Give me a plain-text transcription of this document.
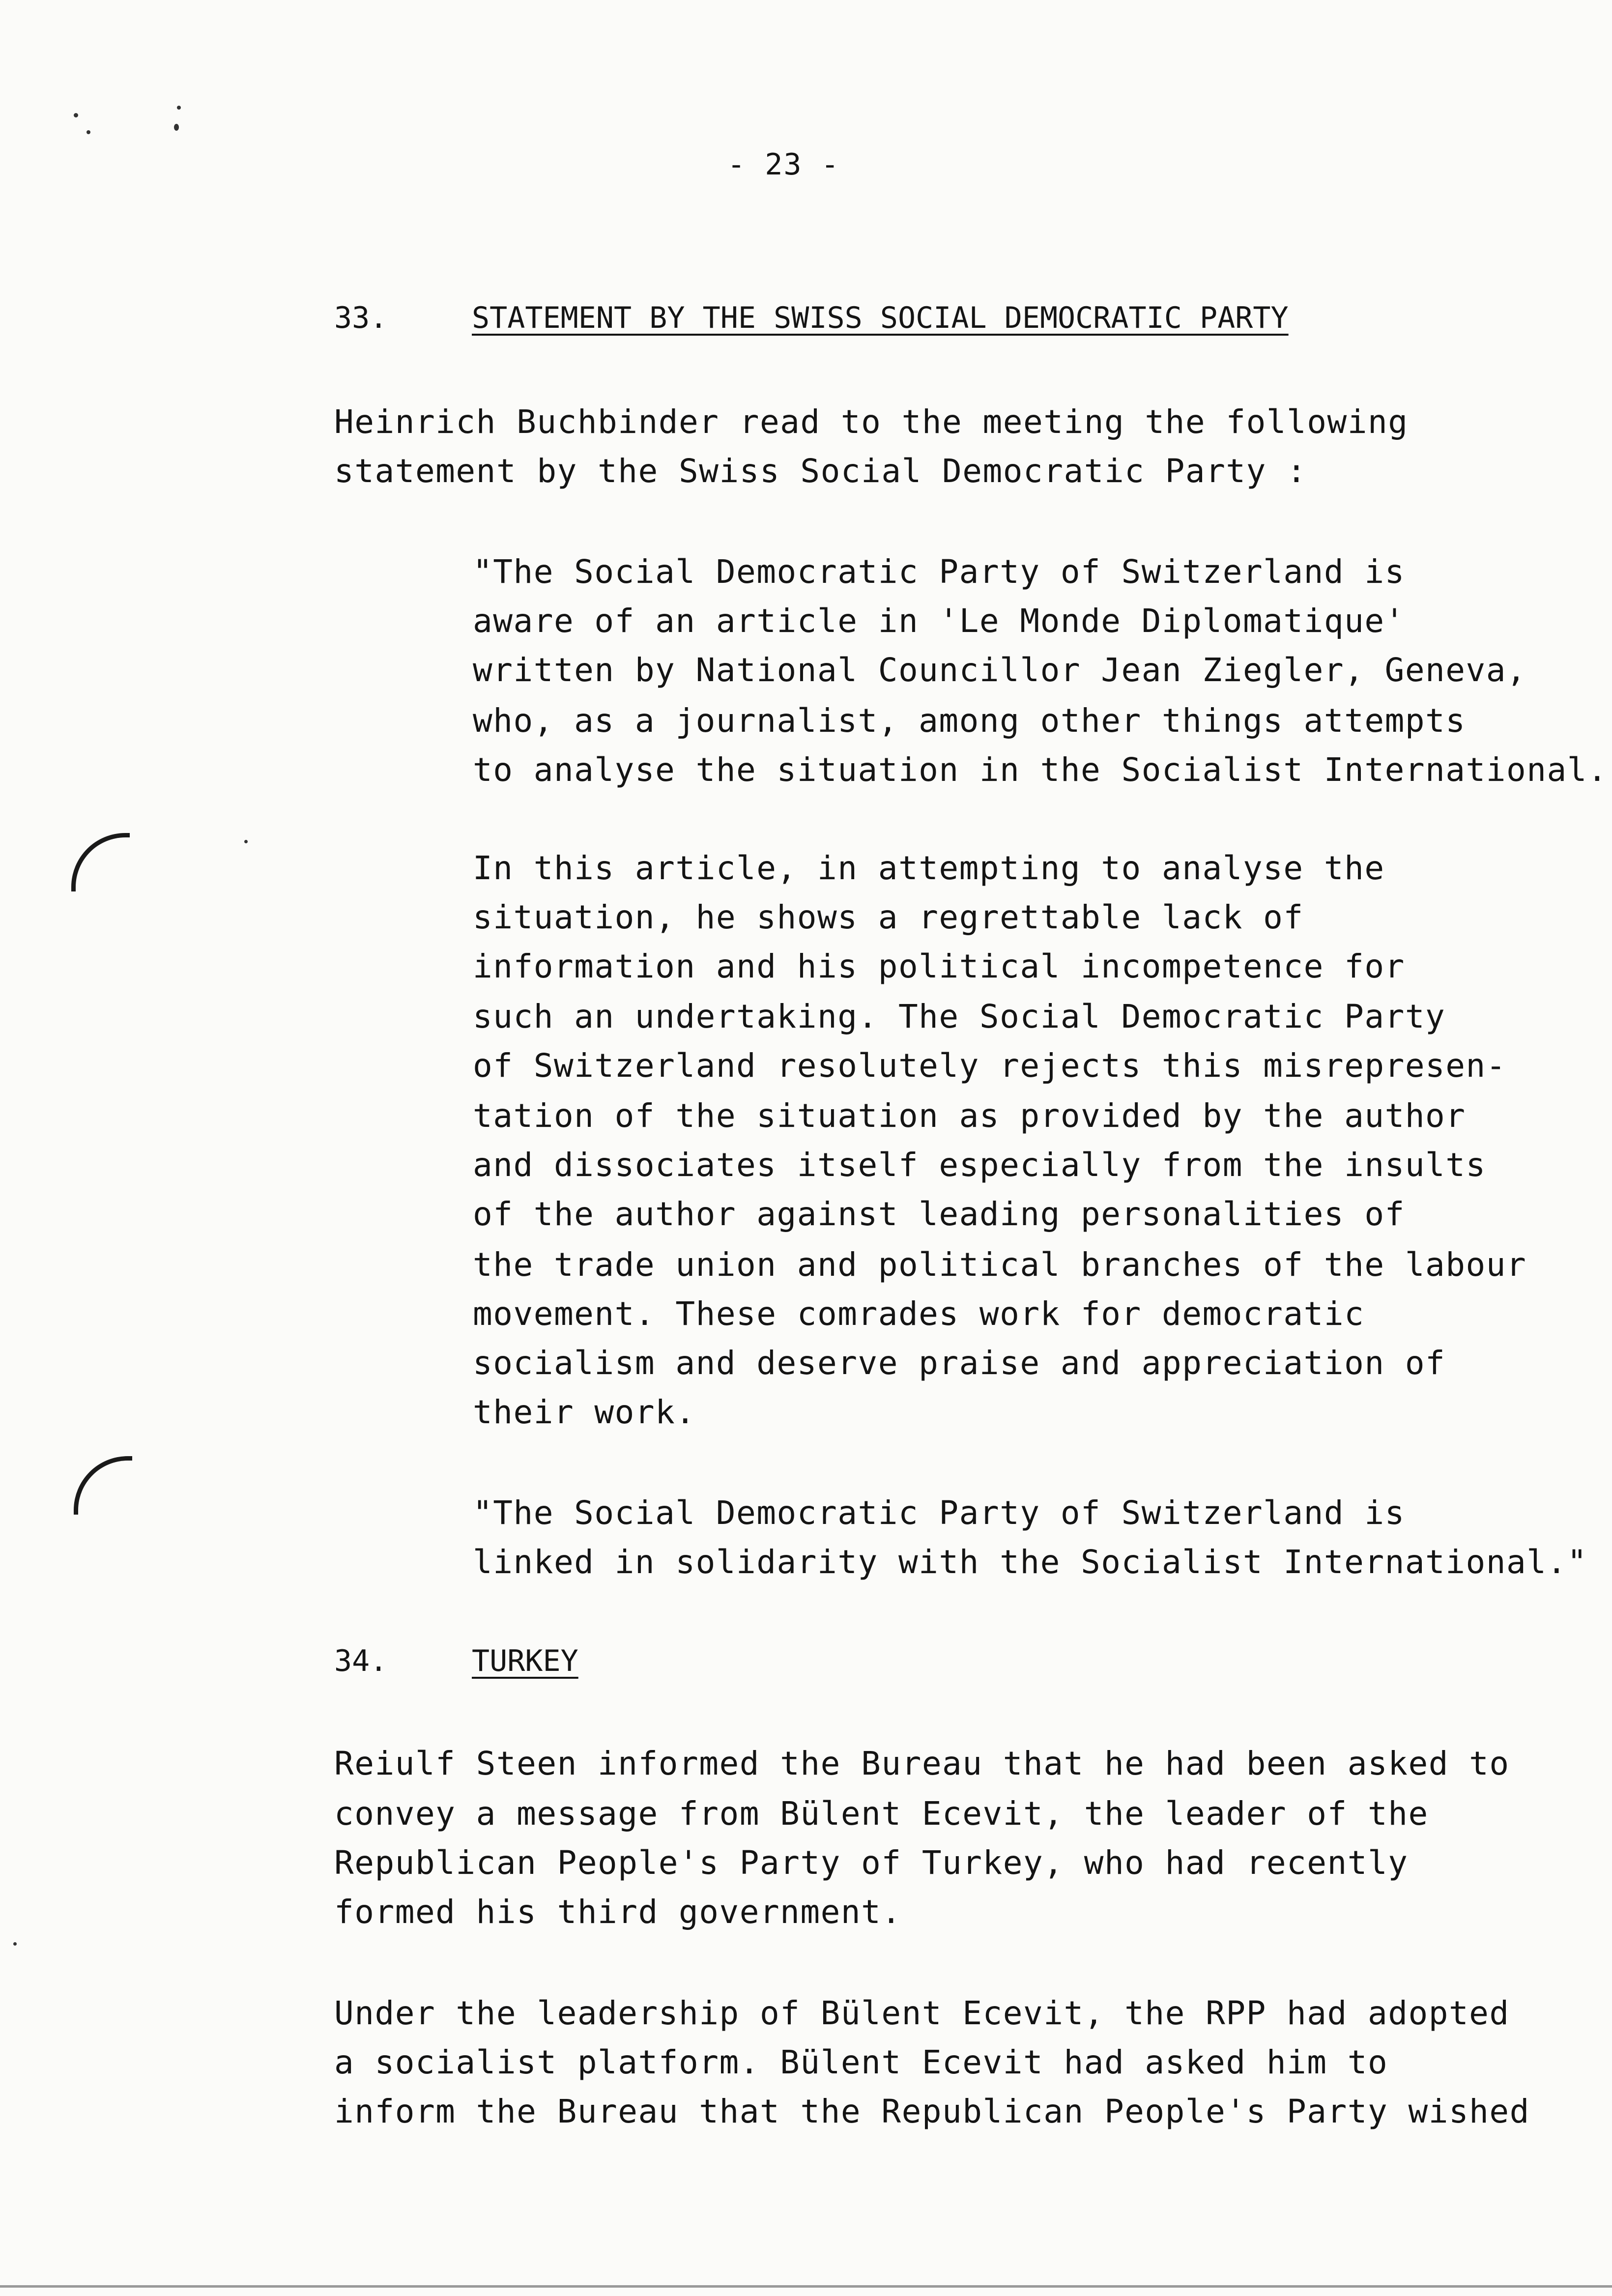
- 23 -
33.	STATEMENT BY THE SWISS SOCIAL DEMOCRATIC PARTY
Heinrich Buchbinder read to the meeting the following
statement by the Swiss Social Democratic Party :
"The Social Democratic Party of Switzerland is
aware of an article in 'Le Monde Diplomatique'
written by National Councillor Jean Ziegler, Geneva,
who, as a journalist, among other things attempts
to analyse the situation in the Socialist International.
In this article, in attempting to analyse the
situation, he shows a regrettable lack of
information and his political incompetence for
such an undertaking. The Social Democratic Party
of Switzerland resolutely rejects this misrepresen-
tation of the situation as provided by the author
and dissociates itself especially from the insults
of the author against leading personalities of
the trade union and political branches of the labour
movement. These comrades work for democratic
socialism and deserve praise and appreciation of
their work.
"The Social Democratic Party of Switzerland is
linked in solidarity with the Socialist International."
34.	TURKEY
Reiulf Steen informed the Bureau that he had been asked to
convey a message from Bülent Ecevit, the leader of the
Republican People's Party of Turkey, who had recently
formed his third government.
Under the leadership of Bülent Ecevit, the RPP had adopted
a socialist platform. Bülent Ecevit had asked him to
inform the Bureau that the Republican People's Party wished
